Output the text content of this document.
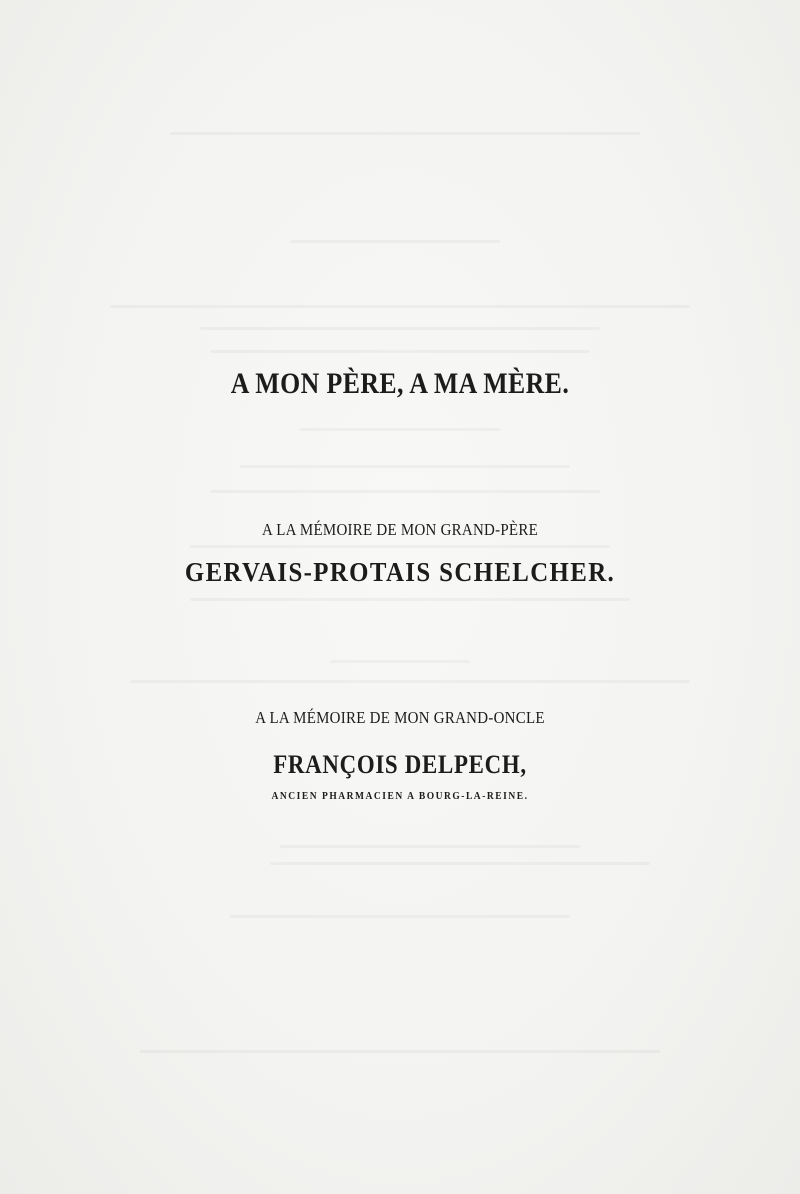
A MON PÈRE, A MA MÈRE.
A LA MÉMOIRE DE MON GRAND-PÈRE
GERVAIS-PROTAIS SCHELCHER.
A LA MÉMOIRE DE MON GRAND-ONCLE
FRANÇOIS DELPECH,
ANCIEN PHARMACIEN A BOURG-LA-REINE.
